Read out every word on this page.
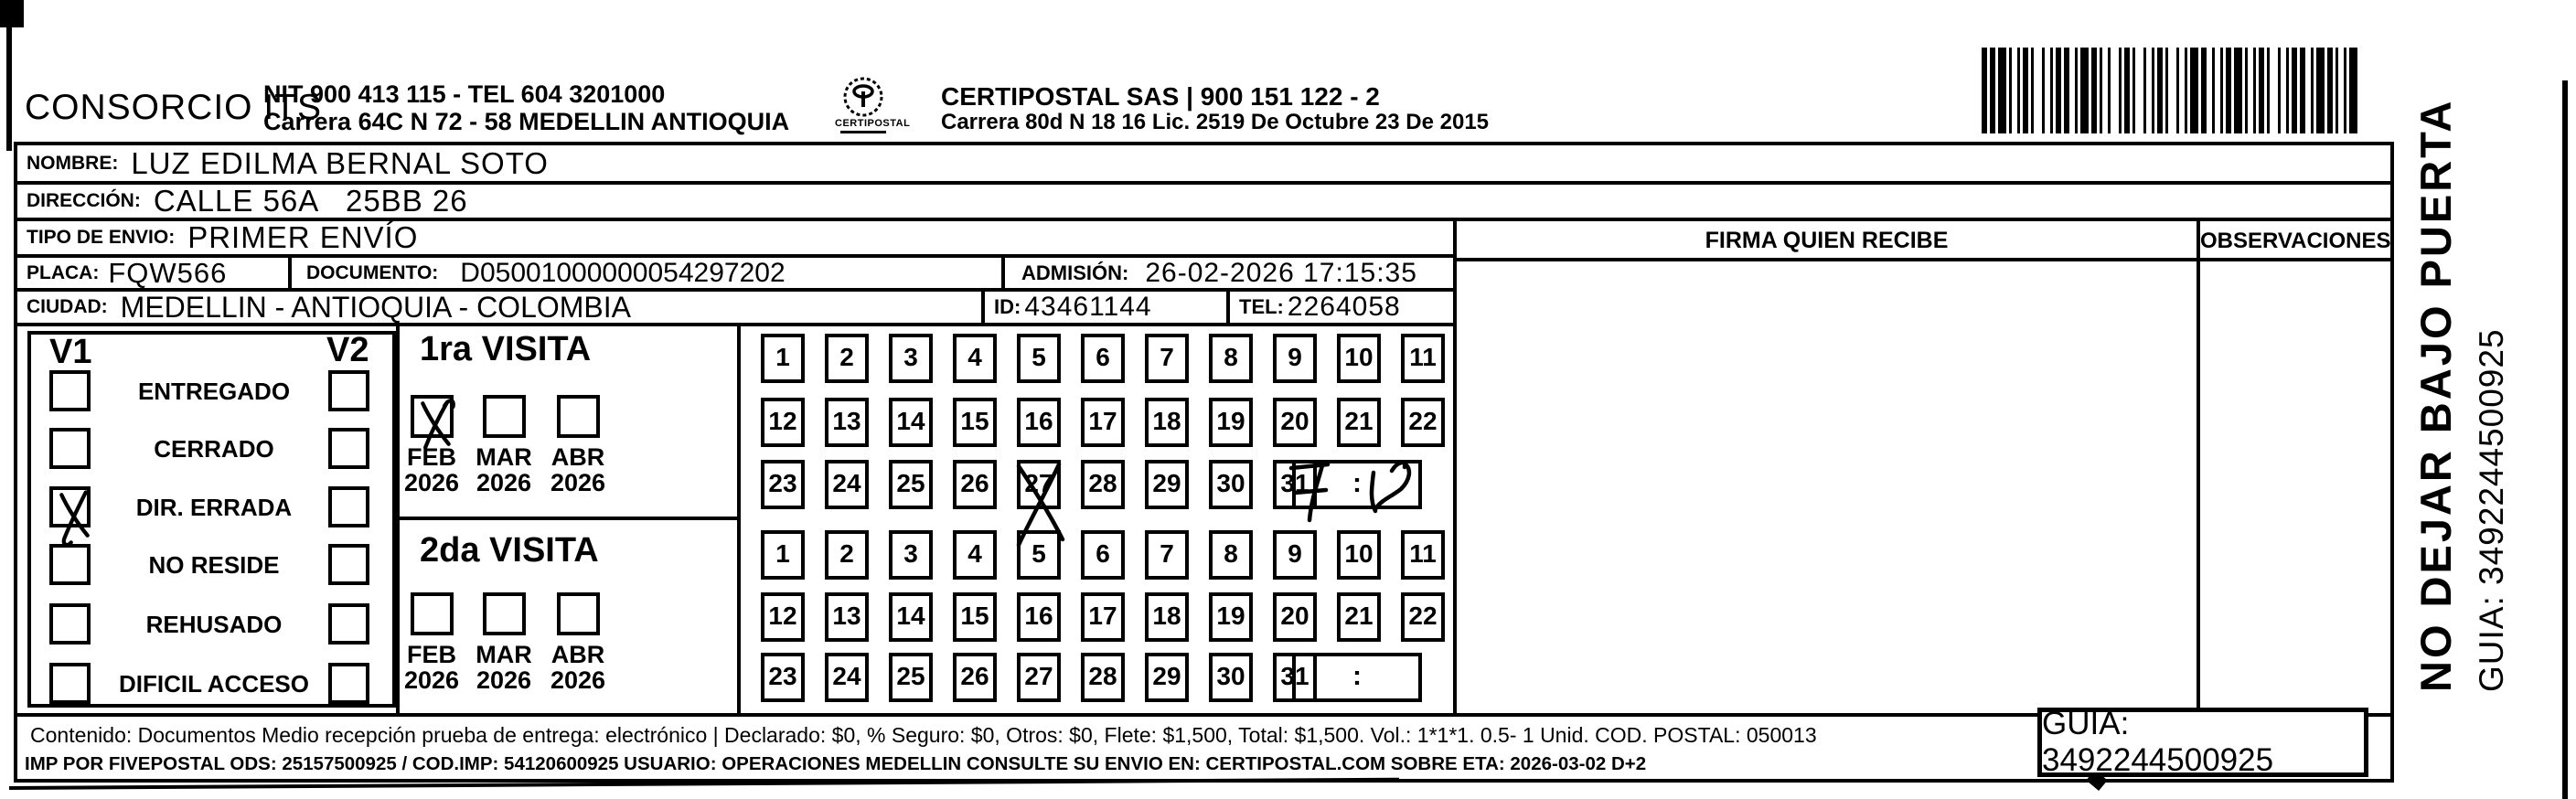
CONSORCIO ITS
NIT 900 413 115 - TEL 604 3201000
Carrera 64C N 72 - 58 MEDELLIN ANTIOQUIA	CERTIPOSTAL
CERTIPOSTAL SAS | 900 151 122 - 2
Carrera 80d N 18 16 Lic. 2519 De Octubre 23 De 2015
NOMBRE: LUZ EDILMA BERNAL SOTO
DIRECCIÓN: CALLE 56A   25BB 26
TIPO DE ENVIO: PRIMER ENVÍO
PLACA: FQW566	DOCUMENTO: D05001000000054297202	ADMISIÓN: 26-02-2026 17:15:35
CIUDAD: MEDELLIN - ANTIOQUIA - COLOMBIA	ID: 43461144	TEL: 2264058
V1	V2
ENTREGADO
CERRADO
DIR. ERRADA
NO RESIDE
REHUSADO
DIFICIL ACCESO
1ra VISITA
FEB
2026
MAR
2026
ABR
2026
2da VISITA
FEB
2026
MAR
2026
ABR
2026
FIRMA QUIEN RECIBE	OBSERVACIONES
Contenido: Documentos Medio recepción prueba de entrega: electrónico | Declarado: $0, % Seguro: $0, Otros: $0, Flete: $1,500, Total: $1,500. Vol.: 1*1*1. 0.5- 1 Unid. COD. POSTAL: 050013
IMP POR FIVEPOSTAL ODS: 25157500925 / COD.IMP: 54120600925 USUARIO: OPERACIONES MEDELLIN CONSULTE SU ENVIO EN: CERTIPOSTAL.COM SOBRE ETA: 2026-03-02 D+2
GUIA: 3492244500925
NO DEJAR BAJO PUERTA GUIA: 3492244500925
1	2	3	4	5	6	7	8	9	10	11
12	13	14	15	16	17	18	19	20	21	22
23	24	25	26	27	28	29	30	31	:
1	2	3	4	5	6	7	8	9	10	11
12	13	14	15	16	17	18	19	20	21	22
23	24	25	26	27	28	29	30	31	:
